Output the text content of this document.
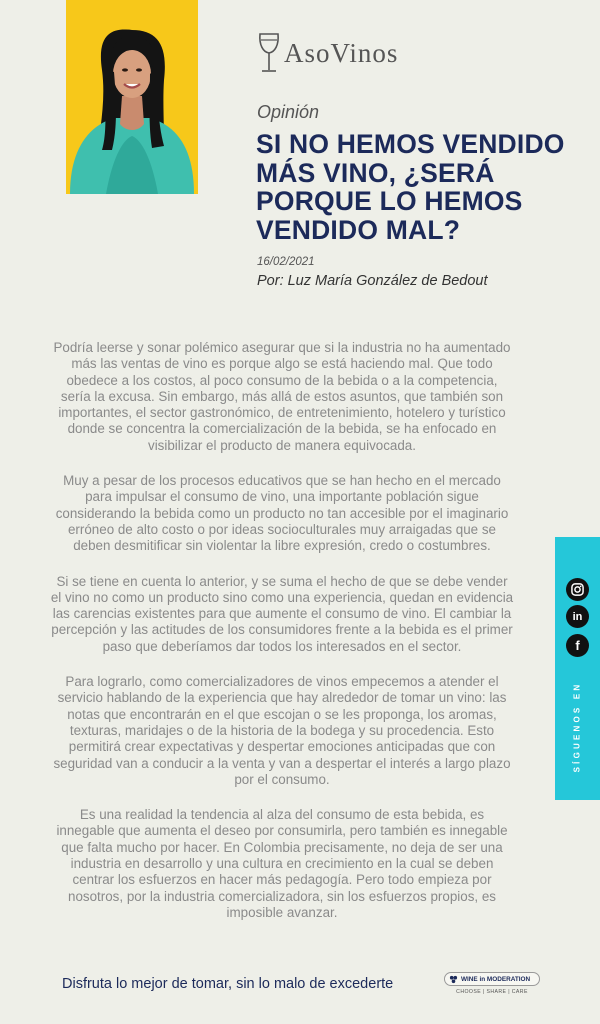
AsoVinos
Opinión
SI NO HEMOS VENDIDO MÁS VINO, ¿SERÁ PORQUE LO HEMOS VENDIDO MAL?
16/02/2021
Por: Luz María González de Bedout

Podría leerse y sonar polémico asegurar que si la industria no ha aumentado más las ventas de vino es porque algo se está haciendo mal. Que todo obedece a los costos, al poco consumo de la bebida o a la competencia, sería la excusa. Sin embargo, más allá de estos asuntos, que también son importantes, el sector gastronómico, de entretenimiento, hotelero y turístico donde se concentra la comercialización de la bebida, se ha enfocado en visibilizar el producto de manera equivocada.

Muy a pesar de los procesos educativos que se han hecho en el mercado para impulsar el consumo de vino, una importante población sigue considerando la bebida como un producto no tan accesible por el imaginario erróneo de alto costo o por ideas socioculturales muy arraigadas que se deben desmitificar sin violentar la libre expresión, credo o costumbres.

Si se tiene en cuenta lo anterior, y se suma el hecho de que se debe vender el vino no como un producto sino como una experiencia, quedan en evidencia las carencias existentes para que aumente el consumo de vino. El cambiar la percepción y las actitudes de los consumidores frente a la bebida es el primer paso que deberíamos dar todos los interesados en el sector.

Para lograrlo, como comercializadores de vinos empecemos a atender el servicio hablando de la experiencia que hay alrededor de tomar un vino: las notas que encontrarán en el que escojan o se les proponga, los aromas, texturas, maridajes o de la historia de la bodega y su procedencia. Esto permitirá crear expectativas y despertar emociones anticipadas que con seguridad van a conducir a la venta y van a despertar el interés a largo plazo por el consumo.

Es una realidad la tendencia al alza del consumo de esta bebida, es innegable que aumenta el deseo por consumirla, pero también es innegable que falta mucho por hacer. En Colombia precisamente, no deja de ser una industria en desarrollo y una cultura en crecimiento en la cual se deben centrar los esfuerzos en hacer más pedagogía. Pero todo empieza por nosotros, por la industria comercializadora, sin los esfuerzos propios, es imposible avanzar.

in
f
SÍGUENOS EN
Disfruta lo mejor de tomar, sin lo malo de excederte	WINE in MODERATION
CHOOSE | SHARE | CARE
